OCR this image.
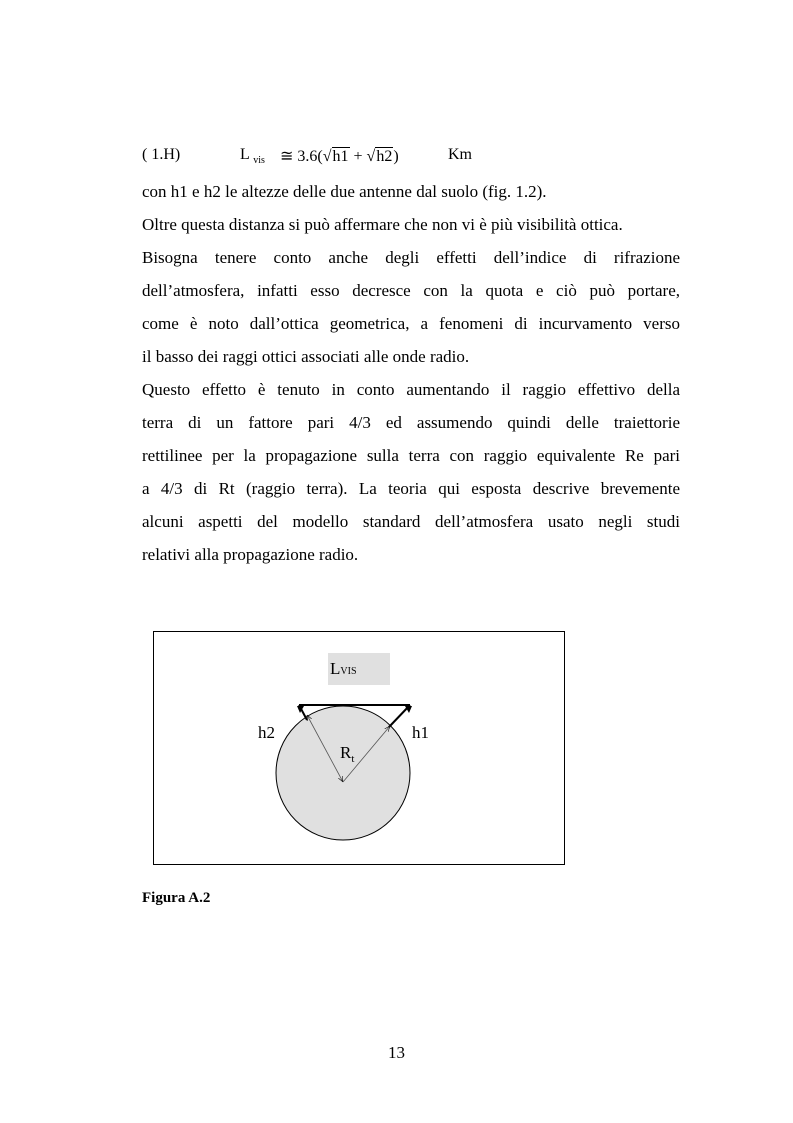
( 1.H)	L $_{vis}$ ≅ 3.6(√h1 + √h2)	Km
con h1 e h2 le altezze delle due antenne dal suolo (fig. 1.2).
Oltre questa distanza si può affermare che non vi è più visibilità ottica.
Bisogna tenere conto anche degli effetti dell’indice di rifrazione
dell’atmosfera, infatti esso decresce con la quota e ciò può portare,
come è noto dall’ottica geometrica, a fenomeni di incurvamento verso
il basso dei raggi ottici associati alle onde radio.
Questo effetto è tenuto in conto aumentando il raggio effettivo della
terra di un fattore pari 4/3 ed assumendo quindi delle traiettorie
rettilinee per la propagazione sulla terra con raggio equivalente Re pari
a 4/3 di Rt (raggio terra). La teoria qui esposta descrive brevemente
alcuni aspetti del modello standard dell’atmosfera usato negli studi
relativi alla propagazione radio.
LVIS
h2	h1
$R_t$
Figura A.2
13
